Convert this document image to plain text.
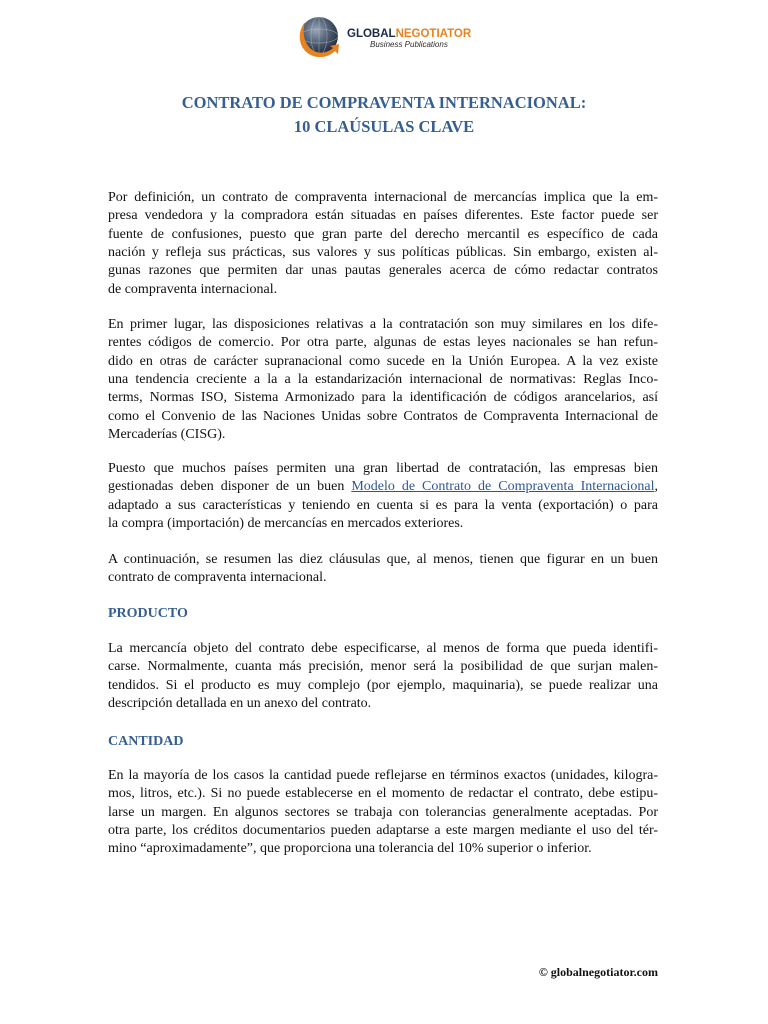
GLOBALNEGOTIATOR
Business Publications
CONTRATO DE COMPRAVENTA INTERNACIONAL:
10 CLAÚSULAS CLAVE
Por definición, un contrato de compraventa internacional de mercancías implica que la em-
presa vendedora y la compradora están situadas en países diferentes. Este factor puede ser
fuente de confusiones, puesto que gran parte del derecho mercantil es específico de cada
nación y refleja sus prácticas, sus valores y sus políticas públicas. Sin embargo, existen al-
gunas razones que permiten dar unas pautas generales acerca de cómo redactar contratos
de compraventa internacional.
En primer lugar, las disposiciones relativas a la contratación son muy similares en los dife-
rentes códigos de comercio. Por otra parte, algunas de estas leyes nacionales se han refun-
dido en otras de carácter supranacional como sucede en la Unión Europea. A la vez existe
una tendencia creciente a la a la estandarización internacional de normativas: Reglas Inco-
terms, Normas ISO, Sistema Armonizado para la identificación de códigos arancelarios, así
como el Convenio de las Naciones Unidas sobre Contratos de Compraventa Internacional de
Mercaderías (CISG).
Puesto que muchos países permiten una gran libertad de contratación, las empresas bien
gestionadas deben disponer de un buen Modelo de Contrato de Compraventa Internacional,
adaptado a sus características y teniendo en cuenta si es para la venta (exportación) o para
la compra (importación) de mercancías en mercados exteriores.
A continuación, se resumen las diez cláusulas que, al menos, tienen que figurar en un buen
contrato de compraventa internacional.
PRODUCTO
La mercancía objeto del contrato debe especificarse, al menos de forma que pueda identifi-
carse. Normalmente, cuanta más precisión, menor será la posibilidad de que surjan malen-
tendidos. Si el producto es muy complejo (por ejemplo, maquinaria), se puede realizar una
descripción detallada en un anexo del contrato.
CANTIDAD
En la mayoría de los casos la cantidad puede reflejarse en términos exactos (unidades, kilogra-
mos, litros, etc.). Si no puede establecerse en el momento de redactar el contrato, debe estipu-
larse un margen. En algunos sectores se trabaja con tolerancias generalmente aceptadas. Por
otra parte, los créditos documentarios pueden adaptarse a este margen mediante el uso del tér-
mino “aproximadamente”, que proporciona una tolerancia del 10% superior o inferior.
© globalnegotiator.com
